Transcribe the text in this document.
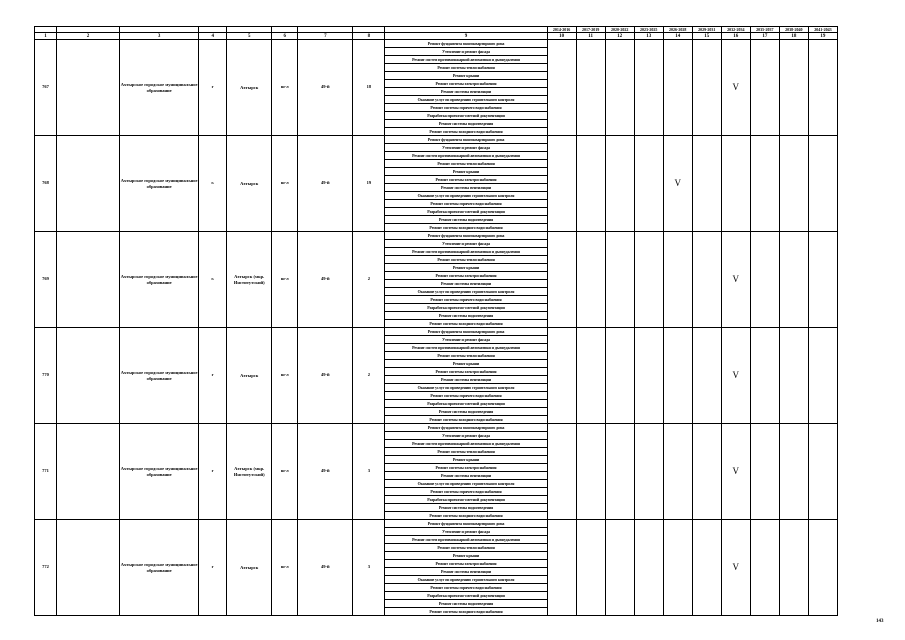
									2014-2016	2017-2019	2020-2022	2023-2025	2026-2028	2029-2031	2032-2034	2035-2037	2038-2040	2041-2043
1	2	3	4	5	6	7	8	9	10	11	12	13	14	15	16	17	18	19
767		Ахтырское городское муниципальное образование	г	Ахтырск	ш-л	49-й	18	Ремонт фундамента многоквартирного дома							V			
								Утепление и ремонт фасада										
								Ремонт систем противопожарной автоматики и дымоудаления										
								Ремонт системы теплоснабжения										
								Ремонт крыши										
								Ремонт системы электроснабжения										
								Ремонт системы вентиляции										
								Оказание услуг по проведению строительного контроля										
								Ремонт системы горячего водоснабжения										
								Разработка проектно-сметной документации										
								Ремонт системы водоотведения										
								Ремонт системы холодного водоснабжения										
768		Ахтырское городское муниципальное образование	г.	Ахтырск	ш-л	49-й	19	Ремонт фундамента многоквартирного дома					V					
								Утепление и ремонт фасада										
								Ремонт систем противопожарной автоматики и дымоудаления										
								Ремонт системы теплоснабжения										
								Ремонт крыши										
								Ремонт системы электроснабжения										
								Ремонт системы вентиляции										
								Оказание услуг по проведению строительного контроля										
								Ремонт системы горячего водоснабжения										
								Разработка проектно-сметной документации										
								Ремонт системы водоотведения										
								Ремонт системы холодного водоснабжения										
769		Ахтырское городское муниципальное образование	г.	Ахтырск (мкр. Институтский)	ш-л	49-й	2	Ремонт фундамента многоквартирного дома							V			
								Утепление и ремонт фасада										
								Ремонт систем противопожарной автоматики и дымоудаления										
								Ремонт системы теплоснабжения										
								Ремонт крыши										
								Ремонт системы электроснабжения										
								Ремонт системы вентиляции										
								Оказание услуг по проведению строительного контроля										
								Ремонт системы горячего водоснабжения										
								Разработка проектно-сметной документации										
								Ремонт системы водоотведения										
								Ремонт системы холодного водоснабжения										
770		Ахтырское городское муниципальное образование	г	Ахтырск	ш-л	49-й	2	Ремонт фундамента многоквартирного дома							V			
								Утепление и ремонт фасада										
								Ремонт систем противопожарной автоматики и дымоудаления										
								Ремонт системы теплоснабжения										
								Ремонт крыши										
								Ремонт системы электроснабжения										
								Ремонт системы вентиляции										
								Оказание услуг по проведению строительного контроля										
								Ремонт системы горячего водоснабжения										
								Разработка проектно-сметной документации										
								Ремонт системы водоотведения										
								Ремонт системы холодного водоснабжения										
771		Ахтырское городское муниципальное образование	г	Ахтырск (мкр. Институтский)	ш-л	49-й	3	Ремонт фундамента многоквартирного дома							V			
								Утепление и ремонт фасада										
								Ремонт систем противопожарной автоматики и дымоудаления										
								Ремонт системы теплоснабжения										
								Ремонт крыши										
								Ремонт системы электроснабжения										
								Ремонт системы вентиляции										
								Оказание услуг по проведению строительного контроля										
								Ремонт системы горячего водоснабжения										
								Разработка проектно-сметной документации										
								Ремонт системы водоотведения										
								Ремонт системы холодного водоснабжения										
772		Ахтырское городское муниципальное образование	г	Ахтырск	ш-л	49-й	3	Ремонт фундамента многоквартирного дома							V			
								Утепление и ремонт фасада										
								Ремонт систем противопожарной автоматики и дымоудаления										
								Ремонт системы теплоснабжения										
								Ремонт крыши										
								Ремонт системы электроснабжения										
								Ремонт системы вентиляции										
								Оказание услуг по проведению строительного контроля										
								Ремонт системы горячего водоснабжения										
								Разработка проектно-сметной документации										
								Ремонт системы водоотведения										
								Ремонт системы холодного водоснабжения										
143
